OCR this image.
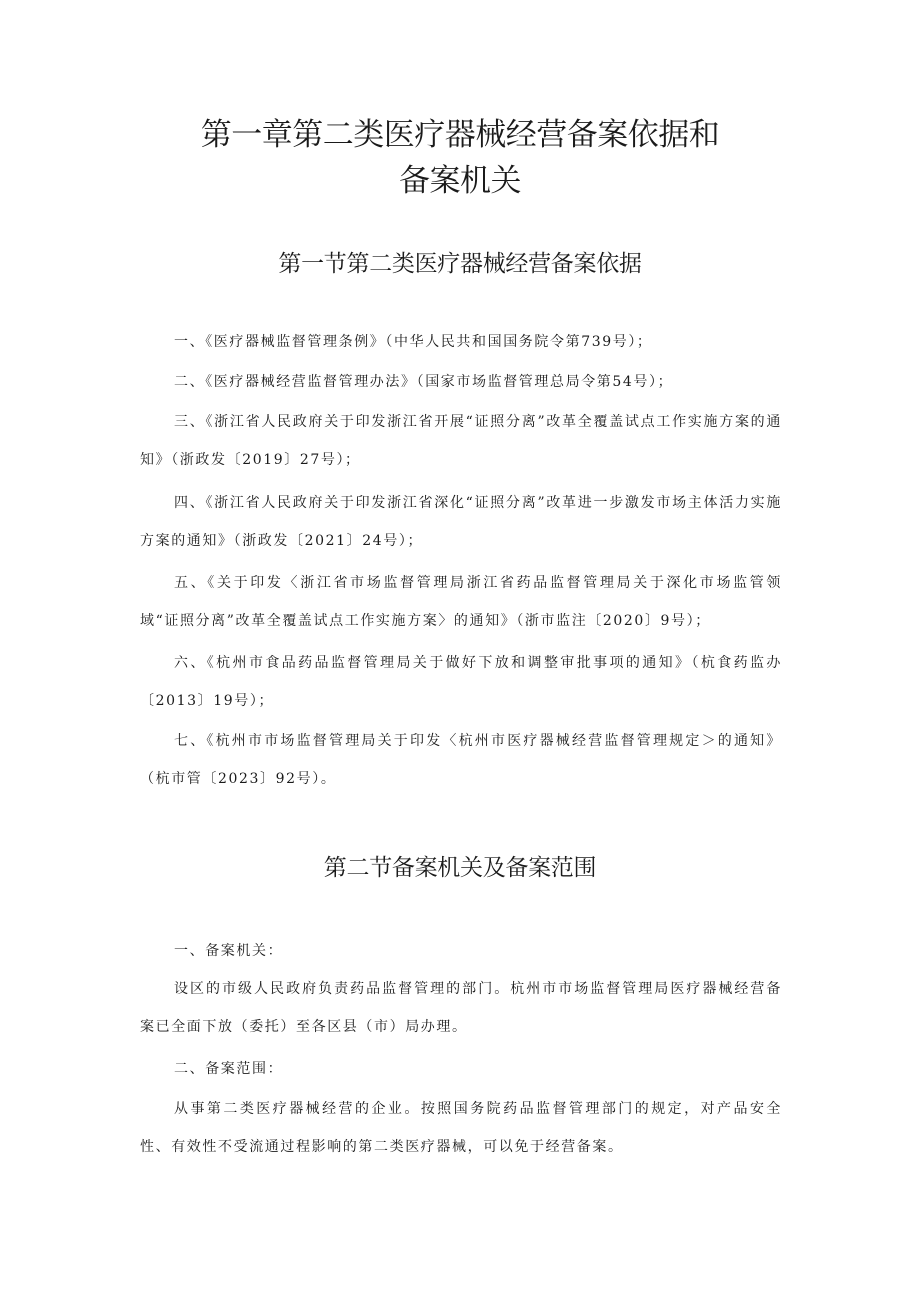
第一章第二类医疗器械经营备案依据和
备案机关
第一节第二类医疗器械经营备案依据

一、《医疗器械监督管理条例》（中华人民共和国国务院令第739号）；

二、《医疗器械经营监督管理办法》（国家市场监督管理总局令第54号）；

三、《浙江省人民政府关于印发浙江省开展“证照分离”改革全覆盖试点工作实施方案的通知》（浙政发〔2019〕27号）；

四、《浙江省人民政府关于印发浙江省深化“证照分离”改革进一步激发市场主体活力实施方案的通知》（浙政发〔2021〕24号）；

五、《关于印发〈浙江省市场监督管理局浙江省药品监督管理局关于深化市场监管领域“证照分离”改革全覆盖试点工作实施方案〉的通知》（浙市监注〔2020〕9号）；

六、《杭州市食品药品监督管理局关于做好下放和调整审批事项的通知》（杭食药监办〔2013〕19号）；

七、《杭州市市场监督管理局关于印发〈杭州市医疗器械经营监督管理规定＞的通知》（杭市管〔2023〕92号）。

第二节备案机关及备案范围

一、备案机关：

设区的市级人民政府负责药品监督管理的部门。杭州市市场监督管理局医疗器械经营备案已全面下放（委托）至各区县（市）局办理。

二、备案范围：

从事第二类医疗器械经营的企业。按照国务院药品监督管理部门的规定，对产品安全性、有效性不受流通过程影响的第二类医疗器械，可以免于经营备案。
